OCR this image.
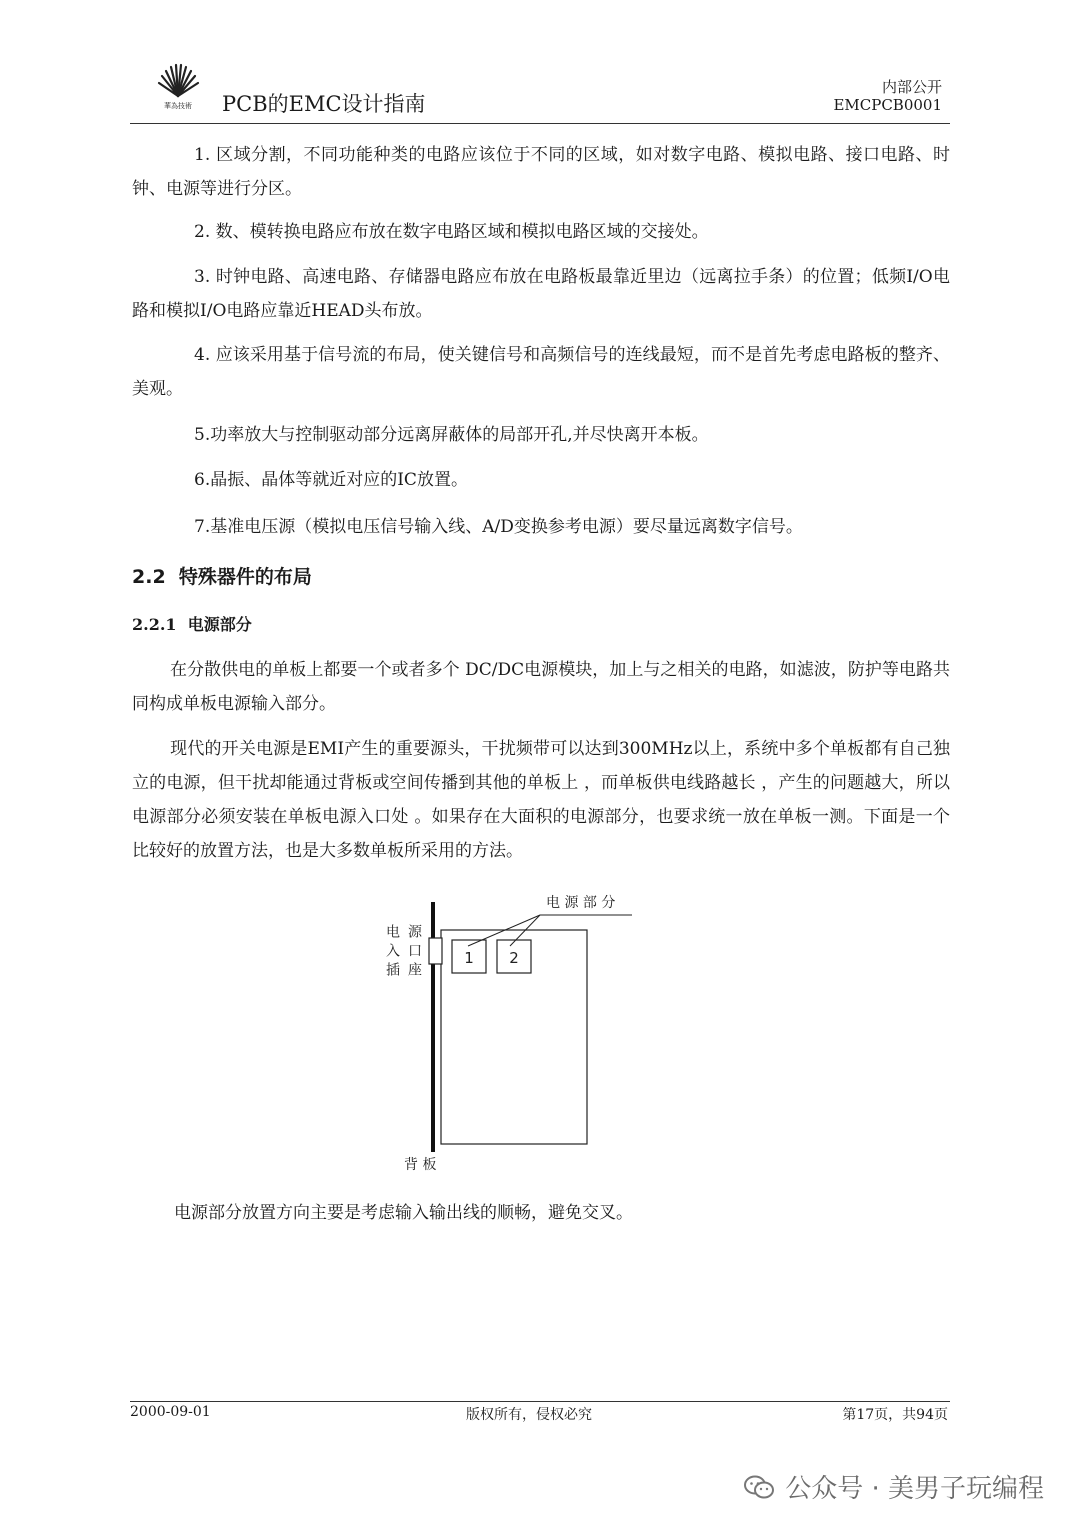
華為技術 PCB的EMC设计指南
内部公开
EMCPCB0001
1. 区域分割，不同功能种类的电路应该位于不同的区域，如对数字电路、模拟电路、接口电路、时钟、电源等进行分区。
2. 数、模转换电路应布放在数字电路区域和模拟电路区域的交接处。
3. 时钟电路、高速电路、存储器电路应布放在电路板最靠近里边（远离拉手条）的位置；低频I/O电路和模拟I/O电路应靠近HEAD头布放。
4. 应该采用基于信号流的布局，使关键信号和高频信号的连线最短，而不是首先考虑电路板的整齐、美观。
5.功率放大与控制驱动部分远离屏蔽体的局部开孔,并尽快离开本板。
6.晶振、晶体等就近对应的IC放置。
7.基准电压源（模拟电压信号输入线、A/D变换参考电源）要尽量远离数字信号。
2.2 特殊器件的布局
2.2.1 电源部分
在分散供电的单板上都要一个或者多个 DC/DC电源模块，加上与之相关的电路，如滤波，防护等电路共同构成单板电源输入部分。
现代的开关电源是EMI产生的重要源头，干扰频带可以达到300MHz以上，系统中多个单板都有自己独立的电源，但干扰却能通过背板或空间传播到其他的单板上 ，而单板供电线路越长 ，产生的问题越大，所以电源部分必须安装在单板电源入口处 。如果存在大面积的电源部分，也要求统一放在单板一测。下面是一个比较好的放置方法，也是大多数单板所采用的方法。
电 源 部 分
1 2
电入插 源口座
背 板
电源部分放置方向主要是考虑输入输出线的顺畅，避免交叉。
2000-09-01	版权所有，侵权必究	第17页，共94页
公众号 · 美男子玩编程
